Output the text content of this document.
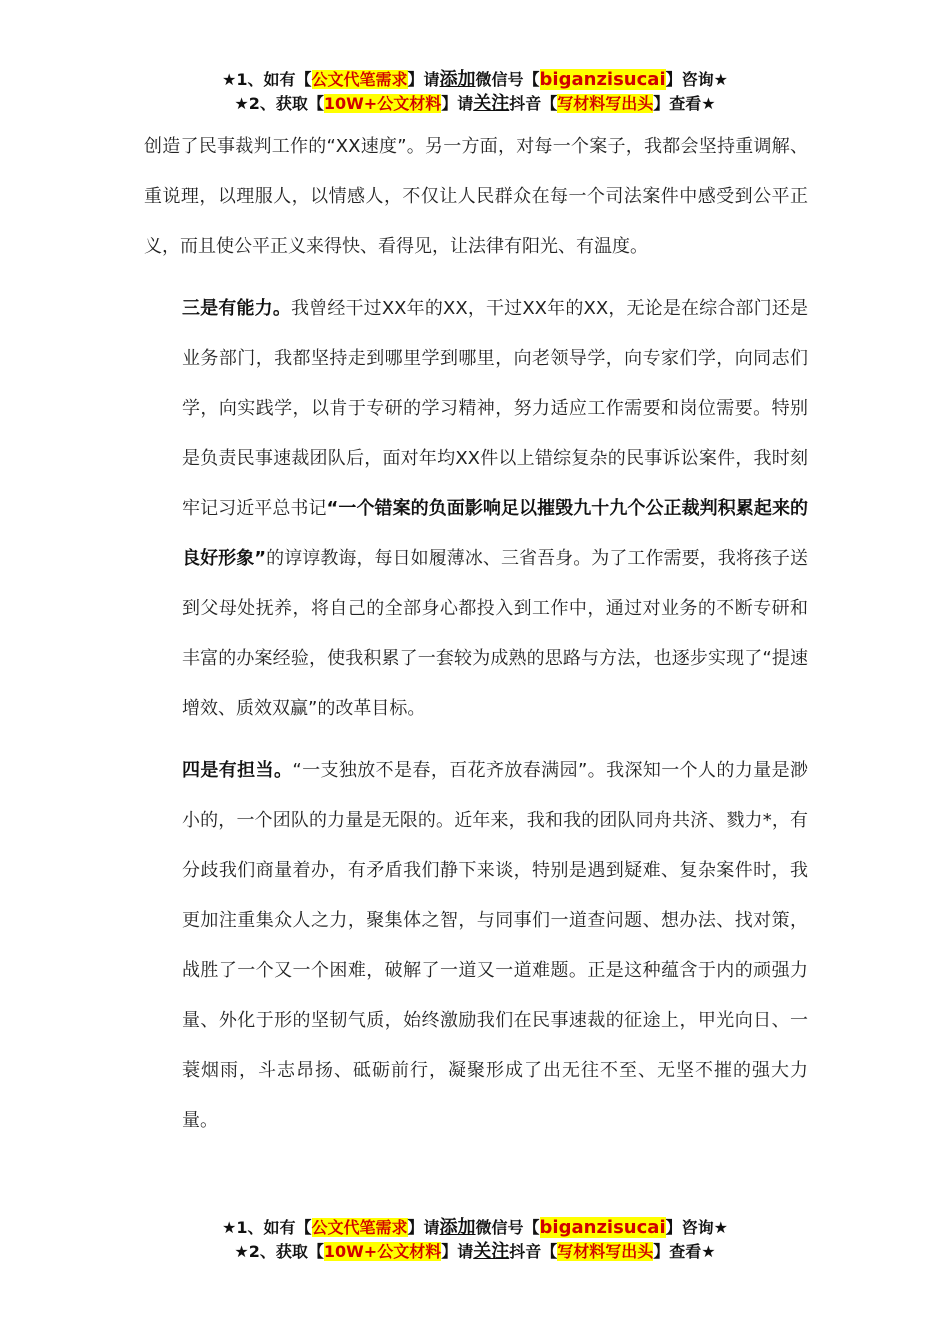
★1、如有【公文代笔需求】请添加微信号【biganzisucai】咨询★
★2、获取【10W+公文材料】请关注抖音【写材料写出头】查看★

创造了民事裁判工作的“XX速度”。另一方面，对每一个案子，我都会坚持重调解、重说理，以理服人，以情感人，不仅让人民群众在每一个司法案件中感受到公平正义，而且使公平正义来得快、看得见，让法律有阳光、有温度。

三是有能力。我曾经干过XX年的XX，干过XX年的XX，无论是在综合部门还是业务部门，我都坚持走到哪里学到哪里，向老领导学，向专家们学，向同志们学，向实践学，以肯于专研的学习精神，努力适应工作需要和岗位需要。特别是负责民事速裁团队后，面对年均XX件以上错综复杂的民事诉讼案件，我时刻牢记习近平总书记“一个错案的负面影响足以摧毁九十九个公正裁判积累起来的良好形象”的谆谆教诲，每日如履薄冰、三省吾身。为了工作需要，我将孩子送到父母处抚养，将自己的全部身心都投入到工作中，通过对业务的不断专研和丰富的办案经验，使我积累了一套较为成熟的思路与方法，也逐步实现了“提速增效、质效双赢”的改革目标。

四是有担当。“一支独放不是春，百花齐放春满园”。我深知一个人的力量是渺小的，一个团队的力量是无限的。近年来，我和我的团队同舟共济、戮力*，有分歧我们商量着办，有矛盾我们静下来谈，特别是遇到疑难、复杂案件时，我更加注重集众人之力，聚集体之智，与同事们一道查问题、想办法、找对策，战胜了一个又一个困难，破解了一道又一道难题。正是这种蕴含于内的顽强力量、外化于形的坚韧气质，始终激励我们在民事速裁的征途上，甲光向日、一蓑烟雨，斗志昂扬、砥砺前行，凝聚形成了出无往不至、无坚不摧的强大力量。

★1、如有【公文代笔需求】请添加微信号【biganzisucai】咨询★
★2、获取【10W+公文材料】请关注抖音【写材料写出头】查看★
